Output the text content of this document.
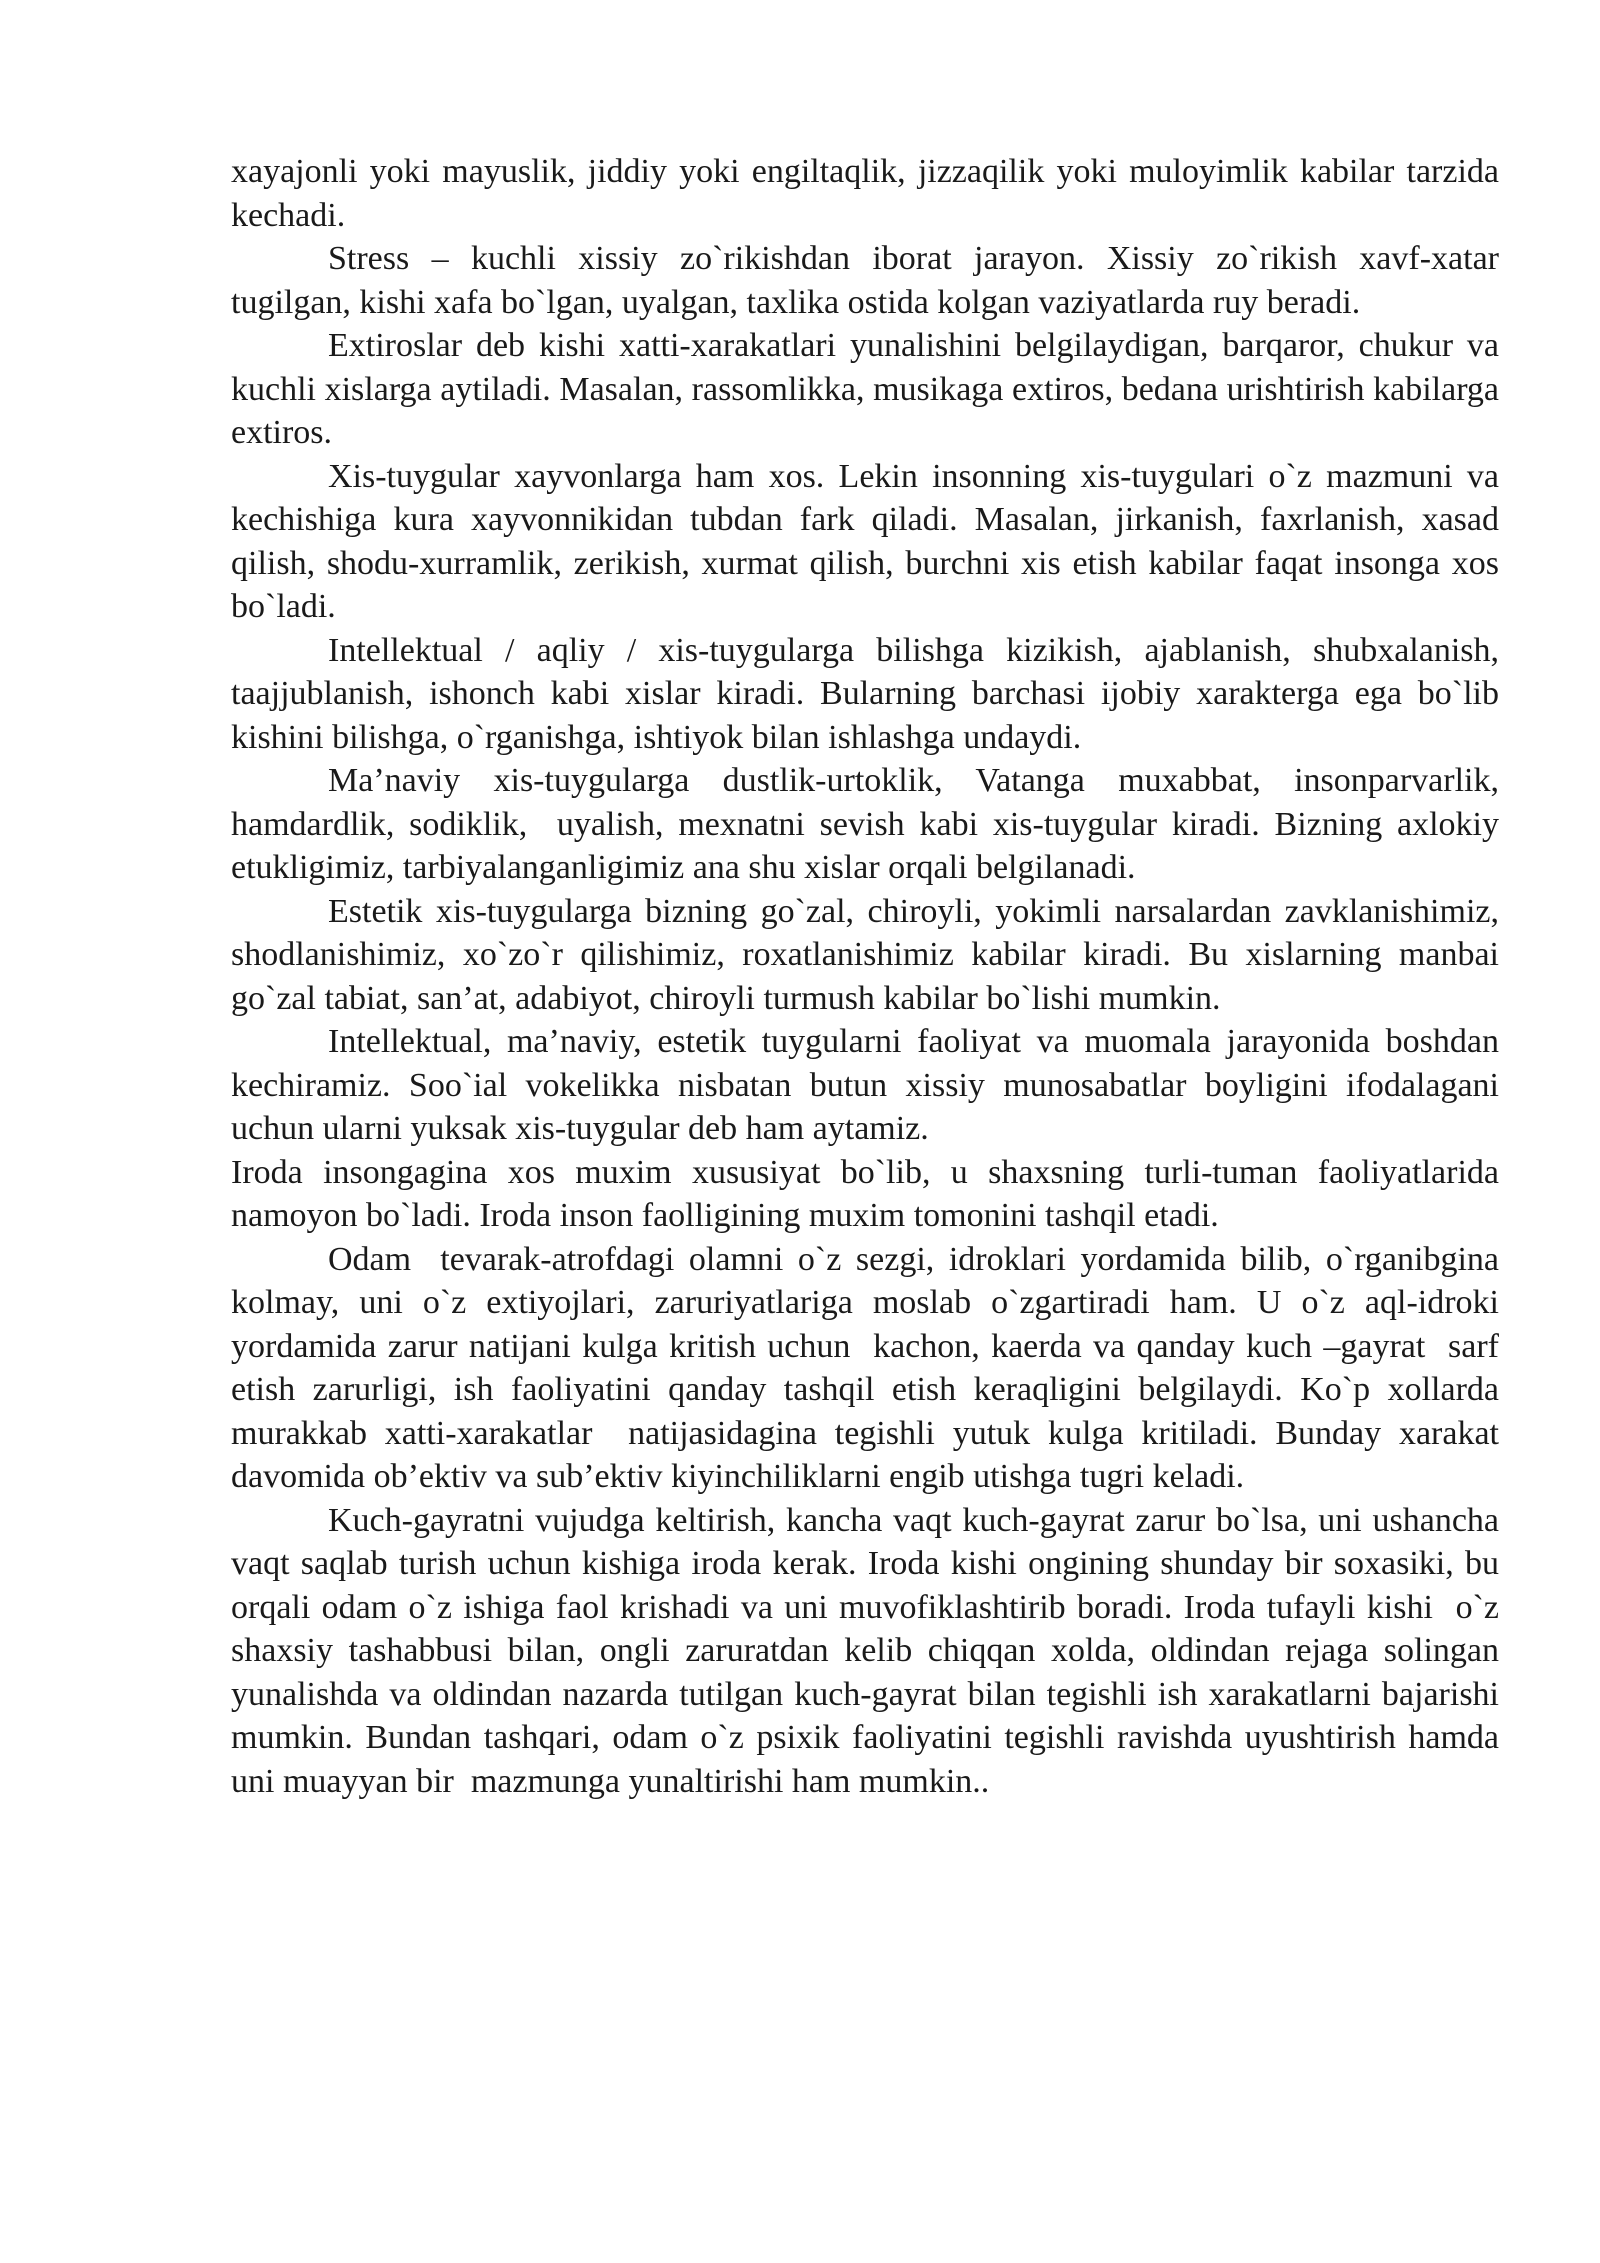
xayajonli yoki mayuslik, jiddiy yoki engiltaqlik, jizzaqilik yoki muloyimlik kabilar tarzida kechadi.

Stress – kuchli xissiy zo`rikishdan iborat jarayon. Xissiy zo`rikish xavf-xatar tugilgan, kishi xafa bo`lgan, uyalgan, taxlika ostida kolgan vaziyatlarda ruy beradi.

Extiroslar deb kishi xatti-xarakatlari yunalishini belgilaydigan, barqaror, chukur va kuchli xislarga aytiladi. Masalan, rassomlikka, musikaga extiros, bedana urishtirish kabilarga extiros.

Xis-tuygular xayvonlarga ham xos. Lekin insonning xis-tuygulari o`z mazmuni va kechishiga kura xayvonnikidan tubdan fark qiladi. Masalan, jirkanish, faxrlanish, xasad qilish, shodu-xurramlik, zerikish, xurmat qilish, burchni xis etish kabilar faqat insonga xos bo`ladi.

Intellektual / aqliy / xis-tuygularga bilishga kizikish, ajablanish, shubxalanish, taajjublanish, ishonch kabi xislar kiradi. Bularning barchasi ijobiy xarakterga ega bo`lib kishini bilishga, o`rganishga, ishtiyok bilan ishlashga undaydi.

Ma’naviy xis-tuygularga dustlik-urtoklik, Vatanga muxabbat, insonparvarlik, hamdardlik, sodiklik,  uyalish, mexnatni sevish kabi xis-tuygular kiradi. Bizning axlokiy etukligimiz, tarbiyalanganligimiz ana shu xislar orqali belgilanadi.

Estetik xis-tuygularga bizning go`zal, chiroyli, yokimli narsalardan zavklanishimiz, shodlanishimiz, xo`zo`r qilishimiz, roxatlanishimiz kabilar kiradi. Bu xislarning manbai go`zal tabiat, san’at, adabiyot, chiroyli turmush kabilar bo`lishi mumkin.

Intellektual, ma’naviy, estetik tuygularni faoliyat va muomala jarayonida boshdan kechiramiz. Soo`ial vokelikka nisbatan butun xissiy munosabatlar boyligini ifodalagani uchun ularni yuksak xis-tuygular deb ham aytamiz.

Iroda insongagina xos muxim xususiyat bo`lib, u shaxsning turli-tuman faoliyatlarida namoyon bo`ladi. Iroda inson faolligining muxim tomonini tashqil etadi.

Odam  tevarak-atrofdagi olamni o`z sezgi, idroklari yordamida bilib, o`rganibgina kolmay, uni o`z extiyojlari, zaruriyatlariga moslab o`zgartiradi ham. U o`z aql-idroki yordamida zarur natijani kulga kritish uchun  kachon, kaerda va qanday kuch –gayrat  sarf etish zarurligi, ish faoliyatini qanday tashqil etish keraqligini belgilaydi. Ko`p xollarda murakkab xatti-xarakatlar  natijasidagina tegishli yutuk kulga kritiladi. Bunday xarakat davomida ob’ektiv va sub’ektiv kiyinchiliklarni engib utishga tugri keladi.

Kuch-gayratni vujudga keltirish, kancha vaqt kuch-gayrat zarur bo`lsa, uni ushancha vaqt saqlab turish uchun kishiga iroda kerak. Iroda kishi ongining shunday bir soxasiki, bu orqali odam o`z ishiga faol krishadi va uni muvofiklashtirib boradi. Iroda tufayli kishi  o`z shaxsiy tashabbusi bilan, ongli zaruratdan kelib chiqqan xolda, oldindan rejaga solingan yunalishda va oldindan nazarda tutilgan kuch-gayrat bilan tegishli ish xarakatlarni bajarishi mumkin. Bundan tashqari, odam o`z psixik faoliyatini tegishli ravishda uyushtirish hamda uni muayyan bir  mazmunga yunaltirishi ham mumkin..
